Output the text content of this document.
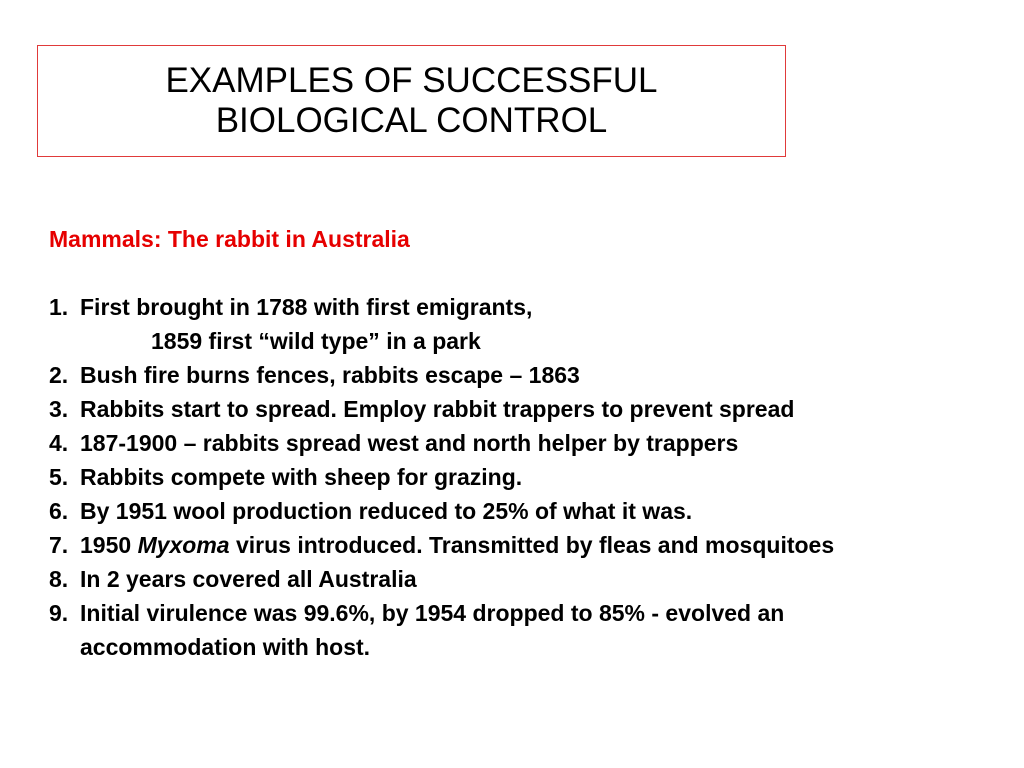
EXAMPLES OF SUCCESSFUL
BIOLOGICAL CONTROL

Mammals: The rabbit in Australia

1. First brought in 1788 with first emigrants,
1859 first “wild type” in a park
2. Bush fire burns fences, rabbits escape – 1863
3. Rabbits start to spread. Employ rabbit trappers to prevent spread
4. 187-1900 – rabbits spread west and north helper by trappers
5. Rabbits compete with sheep for grazing.
6. By 1951 wool production reduced to 25% of what it was.
7. 1950 Myxoma virus introduced. Transmitted by fleas and mosquitoes
8. In 2 years covered all Australia
9. Initial virulence was 99.6%, by 1954 dropped to 85% - evolved an
accommodation with host.
